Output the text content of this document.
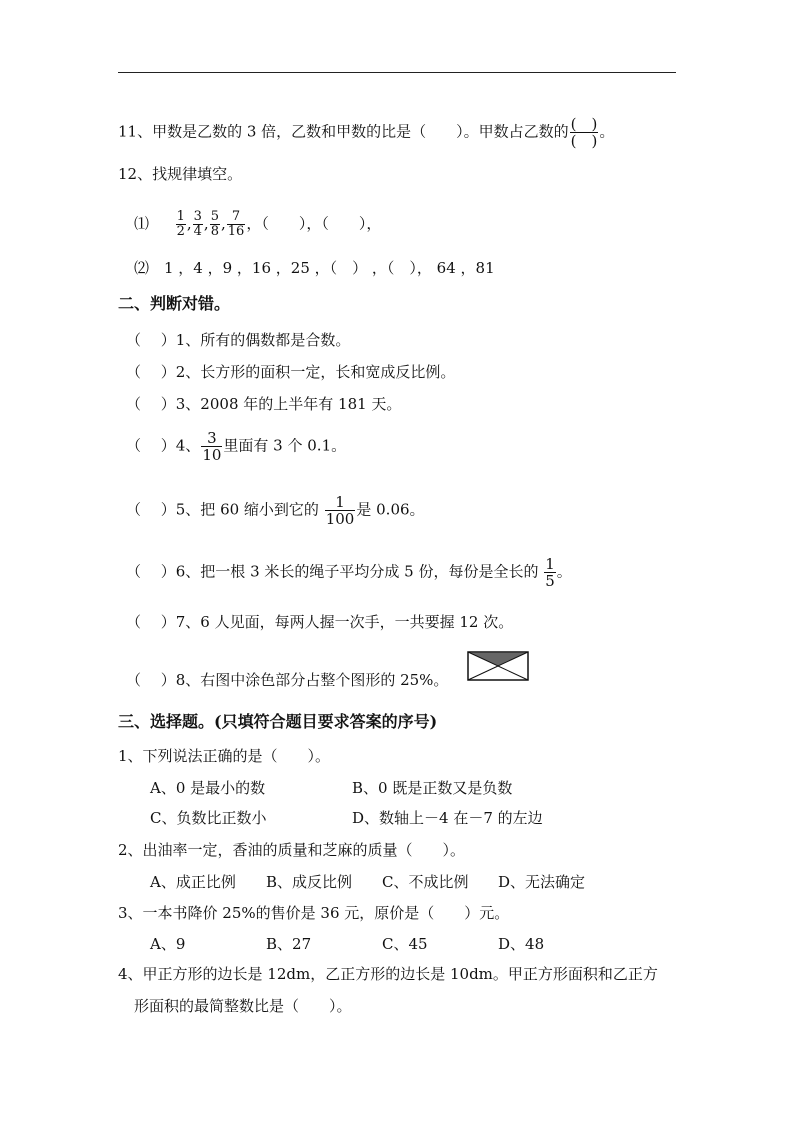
11、甲数是乙数的 3 倍，乙数和甲数的比是（　　）。甲数占乙数的 $\frac{( )}{( )}$ 。
12、找规律填空。
⑴ $\frac{1}{2}$ , $\frac{3}{4}$ , $\frac{5}{8}$ , $\frac{7}{16}$ ，（　　），（　　），
⑵　1 ，4 ，9 ，16 ，25 ，（　） ，（　）， 64 ，81
二、判断对错。
（　 ）1、所有的偶数都是合数。
（　 ）2、长方形的面积一定，长和宽成反比例。
（　 ）3、2008 年的上半年有 181 天。
（　 ）4、 $\frac{3}{10}$ 里面有 3 个 0.1。
（　 ）5、把 60 缩小到它的 $\frac{1}{100}$ 是 0.06。
（　 ）6、把一根 3 米长的绳子平均分成 5 份，每份是全长的 $\frac{1}{5}$ 。
（　 ）7、6 人见面，每两人握一次手，一共要握 12 次。
（　 ）8、右图中涂色部分占整个图形的 25%。
三、选择题。(只填符合题目要求答案的序号)
1、下列说法正确的是（　　）。
A、0 是最小的数	B、0 既是正数又是负数
C、负数比正数小	D、数轴上－4 在－7 的左边
2、出油率一定，香油的质量和芝麻的质量（　　）。
A、成正比例 B、成反比例 C、不成比例 D、无法确定
3、一本书降价 25%的售价是 36 元，原价是（　　）元。
A、9	B、27	C、45	D、48
4、甲正方形的边长是 12dm，乙正方形的边长是 10dm。甲正方形面积和乙正方
形面积的最简整数比是（　　）。
